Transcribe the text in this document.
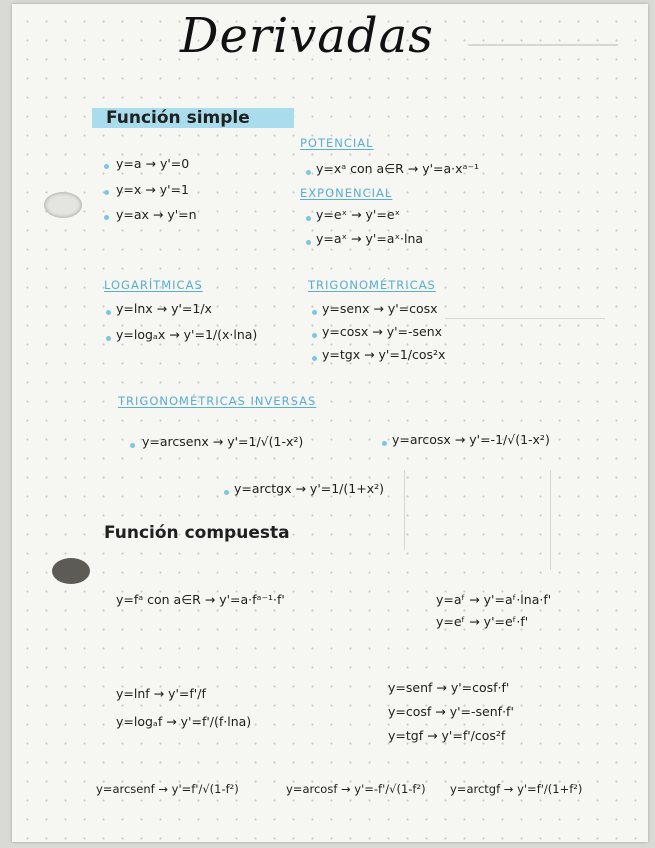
Derivadas
Función simple
y=a → y'=0
y=x → y'=1
y=ax → y'=n
POTENCIAL
y=xᵃ con a∈R → y'=a·xᵃ⁻¹
EXPONENCIAL
y=eˣ → y'=eˣ
y=aˣ → y'=aˣ·lna
LOGARÍTMICAS
y=lnx → y'=1/x
y=logₐx → y'=1/(x·lna)
TRIGONOMÉTRICAS
y=senx → y'=cosx
y=cosx → y'=-senx
y=tgx → y'=1/cos²x
TRIGONOMÉTRICAS INVERSAS
y=arcsenx → y'=1/√(1-x²)	y=arcosx → y'=-1/√(1-x²)
y=arctgx → y'=1/(1+x²)
Función compuesta
y=fᵃ con a∈R → y'=a·fᵃ⁻¹·f'	y=aᶠ → y'=aᶠ·lna·f'
y=eᶠ → y'=eᶠ·f'
y=lnf → y'=f'/f
y=logₐf → y'=f'/(f·lna)
y=senf → y'=cosf·f'
y=cosf → y'=-senf·f'
y=tgf → y'=f'/cos²f
y=arcsenf → y'=f'/√(1-f²)	y=arcosf → y'=-f'/√(1-f²) y=arctgf → y'=f'/(1+f²)
